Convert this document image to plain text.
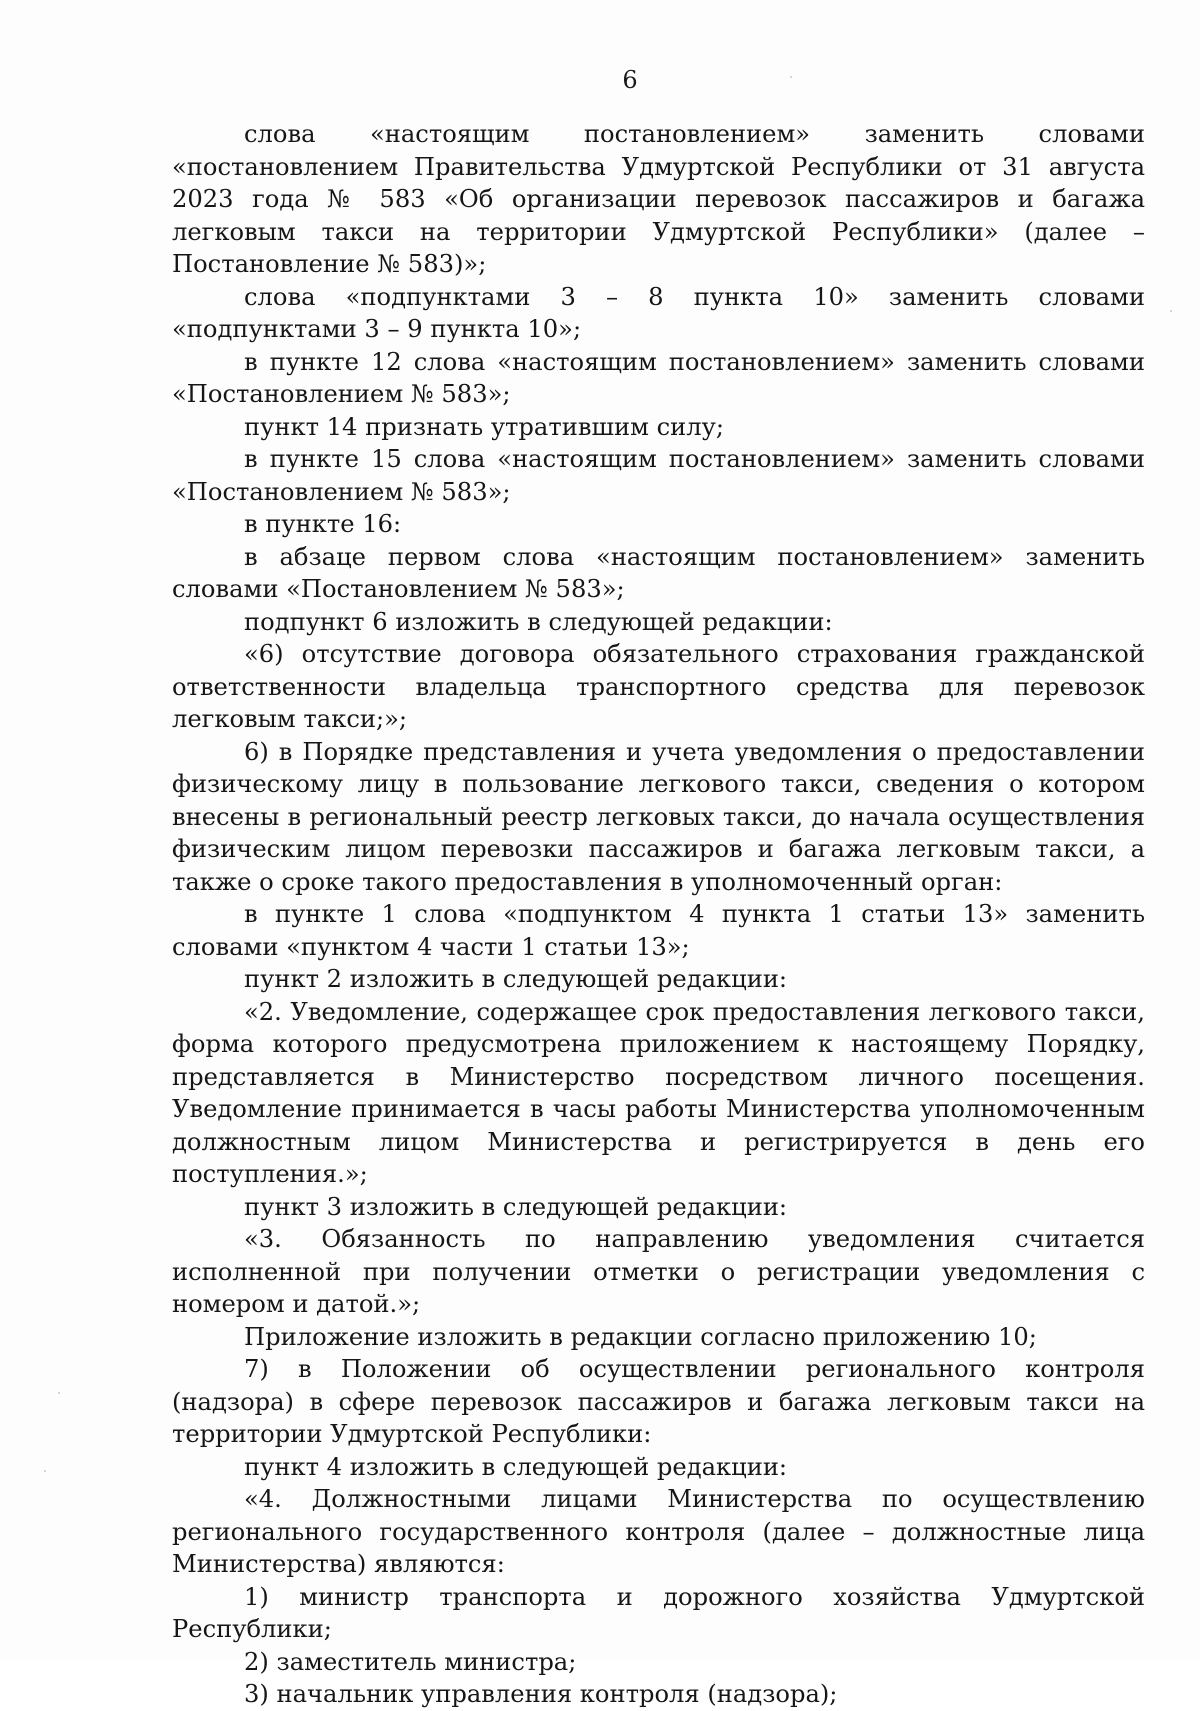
6

слова «настоящим постановлением» заменить словами «постановлением Правительства Удмуртской Республики от 31 августа 2023 года № 583 «Об организации перевозок пассажиров и багажа легковым такси на территории Удмуртской Республики» (далее – Постановление № 583)»;

слова «подпунктами 3 – 8 пункта 10» заменить словами «подпунктами 3 – 9 пункта 10»;

в пункте 12 слова «настоящим постановлением» заменить словами «Постановлением № 583»;

пункт 14 признать утратившим силу;

в пункте 15 слова «настоящим постановлением» заменить словами «Постановлением № 583»;

в пункте 16:

в абзаце первом слова «настоящим постановлением» заменить словами «Постановлением № 583»;

подпункт 6 изложить в следующей редакции:

«6) отсутствие договора обязательного страхования гражданской ответственности владельца транспортного средства для перевозок легковым такси;»;

6) в Порядке представления и учета уведомления о предоставлении физическому лицу в пользование легкового такси, сведения о котором внесены в региональный реестр легковых такси, до начала осуществления физическим лицом перевозки пассажиров и багажа легковым такси, а также о сроке такого предоставления в уполномоченный орган:

в пункте 1 слова «подпунктом 4 пункта 1 статьи 13» заменить словами «пунктом 4 части 1 статьи 13»;

пункт 2 изложить в следующей редакции:

«2. Уведомление, содержащее срок предоставления легкового такси, форма которого предусмотрена приложением к настоящему Порядку, представляется в Министерство посредством личного посещения. Уведомление принимается в часы работы Министерства уполномоченным должностным лицом Министерства и регистрируется в день его поступления.»;

пункт 3 изложить в следующей редакции:

«3. Обязанность по направлению уведомления считается исполненной при получении отметки о регистрации уведомления с номером и датой.»;

Приложение изложить в редакции согласно приложению 10;

7) в Положении об осуществлении регионального контроля (надзора) в сфере перевозок пассажиров и багажа легковым такси на территории Удмуртской Республики:

пункт 4 изложить в следующей редакции:

«4. Должностными лицами Министерства по осуществлению регионального государственного контроля (далее – должностные лица Министерства) являются:

1) министр транспорта и дорожного хозяйства Удмуртской Республики;

2) заместитель министра;

3) начальник управления контроля (надзора);
